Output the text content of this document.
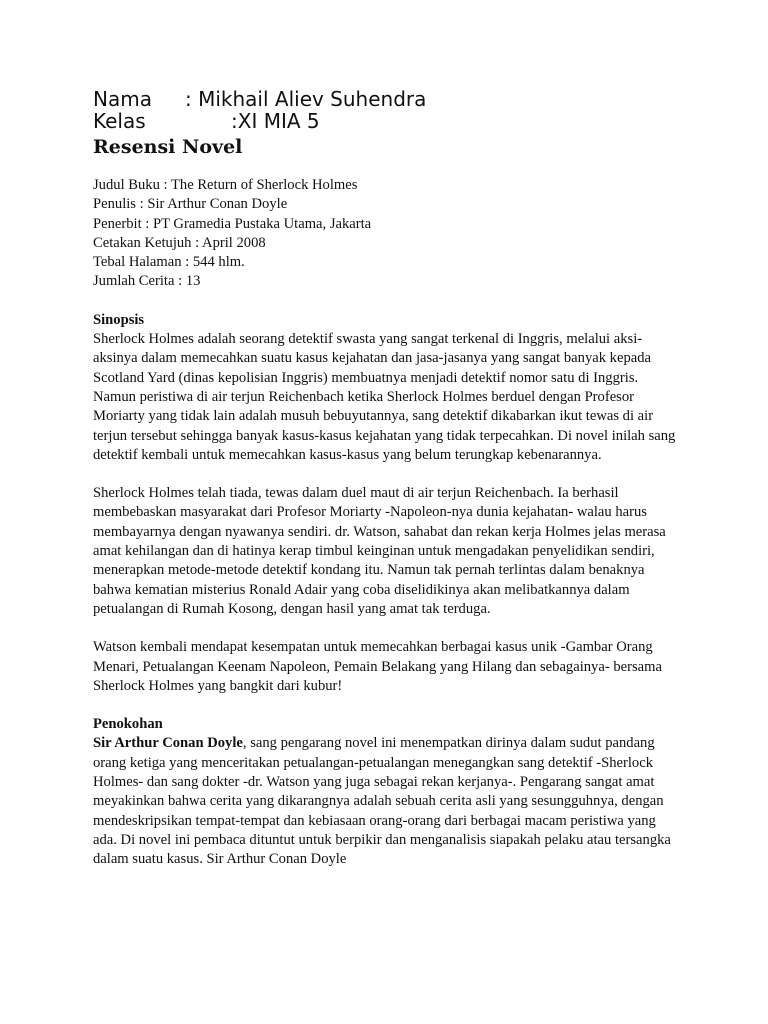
Nama	: Mikhail Aliev Suhendra
Kelas	:XI MIA 5
Resensi Novel
Judul Buku : The Return of Sherlock Holmes
Penulis : Sir Arthur Conan Doyle
Penerbit : PT Gramedia Pustaka Utama, Jakarta
Cetakan Ketujuh : April 2008
Tebal Halaman : 544 hlm.
Jumlah Cerita : 13
Sinopsis

Sherlock Holmes adalah seorang detektif swasta yang sangat terkenal di Inggris, melalui aksi-aksinya dalam memecahkan suatu kasus kejahatan dan jasa-jasanya yang sangat banyak kepada Scotland Yard (dinas kepolisian Inggris) membuatnya menjadi detektif nomor satu di Inggris. Namun peristiwa di air terjun Reichenbach ketika Sherlock Holmes berduel dengan Profesor Moriarty yang tidak lain adalah musuh bebuyutannya, sang detektif dikabarkan ikut tewas di air terjun tersebut sehingga banyak kasus-kasus kejahatan yang tidak terpecahkan. Di novel inilah sang detektif kembali untuk memecahkan kasus-kasus yang belum terungkap kebenarannya.

Sherlock Holmes telah tiada, tewas dalam duel maut di air terjun Reichenbach. Ia berhasil membebaskan masyarakat dari Profesor Moriarty -Napoleon-nya dunia kejahatan- walau harus membayarnya dengan nyawanya sendiri. dr. Watson, sahabat dan rekan kerja Holmes jelas merasa amat kehilangan dan di hatinya kerap timbul keinginan untuk mengadakan penyelidikan sendiri, menerapkan metode-metode detektif kondang itu. Namun tak pernah terlintas dalam benaknya bahwa kematian misterius Ronald Adair yang coba diselidikinya akan melibatkannya dalam petualangan di Rumah Kosong, dengan hasil yang amat tak terduga.

Watson kembali mendapat kesempatan untuk memecahkan berbagai kasus unik -Gambar Orang Menari, Petualangan Keenam Napoleon, Pemain Belakang yang Hilang dan sebagainya- bersama Sherlock Holmes yang bangkit dari kubur!

Penokohan

Sir Arthur Conan Doyle, sang pengarang novel ini menempatkan dirinya dalam sudut pandang orang ketiga yang menceritakan petualangan-petualangan menegangkan sang detektif -Sherlock Holmes- dan sang dokter -dr. Watson yang juga sebagai rekan kerjanya-. Pengarang sangat amat meyakinkan bahwa cerita yang dikarangnya adalah sebuah cerita asli yang sesungguhnya, dengan mendeskripsikan tempat-tempat dan kebiasaan orang-orang dari berbagai macam peristiwa yang ada. Di novel ini pembaca dituntut untuk berpikir dan menganalisis siapakah pelaku atau tersangka dalam suatu kasus. Sir Arthur Conan Doyle
